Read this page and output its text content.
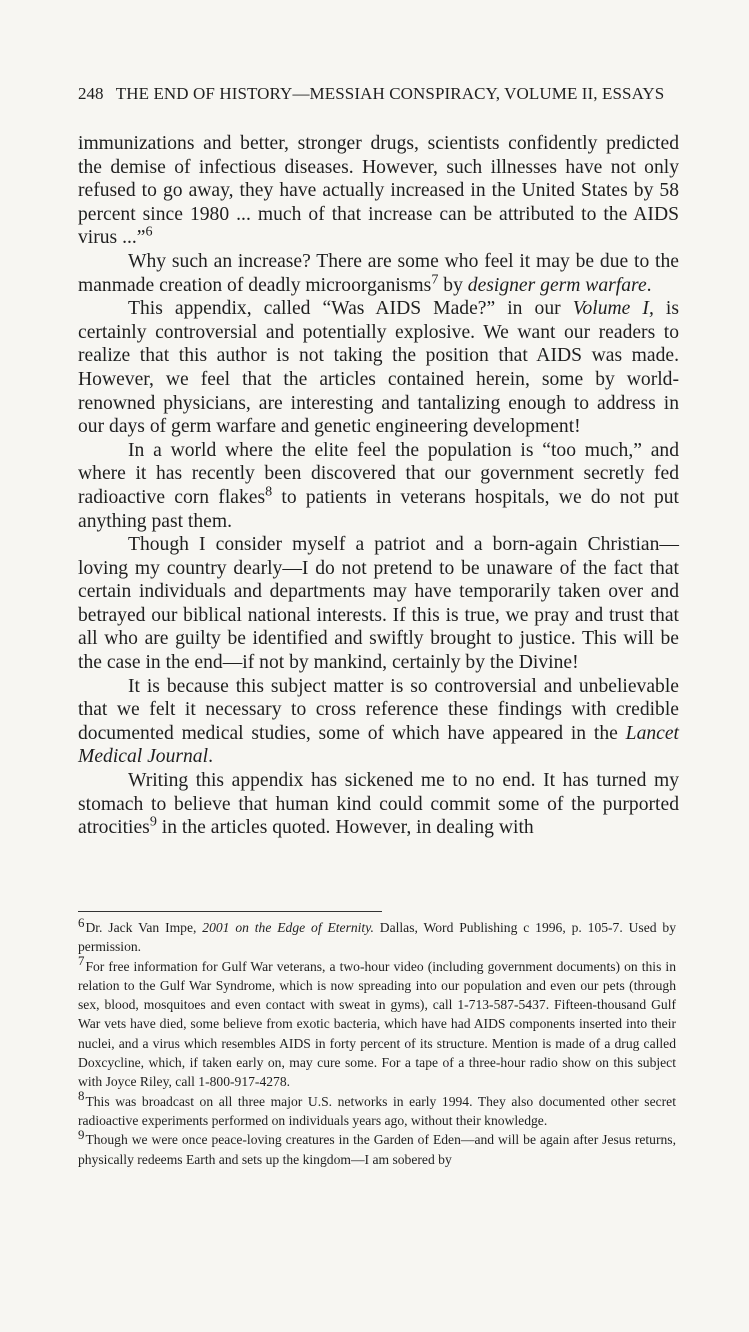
248 THE END OF HISTORY—MESSIAH CONSPIRACY, VOLUME II, ESSAYS

immunizations and better, stronger drugs, scientists confidently predicted the demise of infectious diseases. However, such illnesses have not only refused to go away, they have actually increased in the United States by 58 percent since 1980 ... much of that increase can be attributed to the AIDS virus ...”$^6$

Why such an increase? There are some who feel it may be due to the manmade creation of deadly microorganisms$^7$ by designer germ warfare.

This appendix, called “Was AIDS Made?” in our Volume I, is certainly controversial and potentially explosive. We want our readers to realize that this author is not taking the position that AIDS was made. However, we feel that the articles contained herein, some by world-renowned physicians, are interesting and tantalizing enough to address in our days of germ warfare and genetic engineering development!

In a world where the elite feel the population is “too much,” and where it has recently been discovered that our government secretly fed radioactive corn flakes$^8$ to patients in veterans hospitals, we do not put anything past them.

Though I consider myself a patriot and a born-again Christian—loving my country dearly—I do not pretend to be unaware of the fact that certain individuals and departments may have temporarily taken over and betrayed our biblical national interests. If this is true, we pray and trust that all who are guilty be identified and swiftly brought to justice. This will be the case in the end—if not by mankind, certainly by the Divine!

It is because this subject matter is so controversial and unbelievable that we felt it necessary to cross reference these findings with credible documented medical studies, some of which have appeared in the Lancet Medical Journal.

Writing this appendix has sickened me to no end. It has turned my stomach to believe that human kind could commit some of the purported atrocities$^9$ in the articles quoted. However, in dealing with

$^6$Dr. Jack Van Impe, 2001 on the Edge of Eternity. Dallas, Word Publishing c 1996, p. 105-7. Used by permission.

$^7$For free information for Gulf War veterans, a two-hour video (including government documents) on this in relation to the Gulf War Syndrome, which is now spreading into our population and even our pets (through sex, blood, mosquitoes and even contact with sweat in gyms), call 1-713-587-5437. Fifteen-thousand Gulf War vets have died, some believe from exotic bacteria, which have had AIDS components inserted into their nuclei, and a virus which resembles AIDS in forty percent of its structure. Mention is made of a drug called Doxcycline, which, if taken early on, may cure some. For a tape of a three-hour radio show on this subject with Joyce Riley, call 1-800-917-4278.

$^8$This was broadcast on all three major U.S. networks in early 1994. They also documented other secret radioactive experiments performed on individuals years ago, without their knowledge.

$^9$Though we were once peace-loving creatures in the Garden of Eden—and will be again after Jesus returns, physically redeems Earth and sets up the kingdom—I am sobered by
